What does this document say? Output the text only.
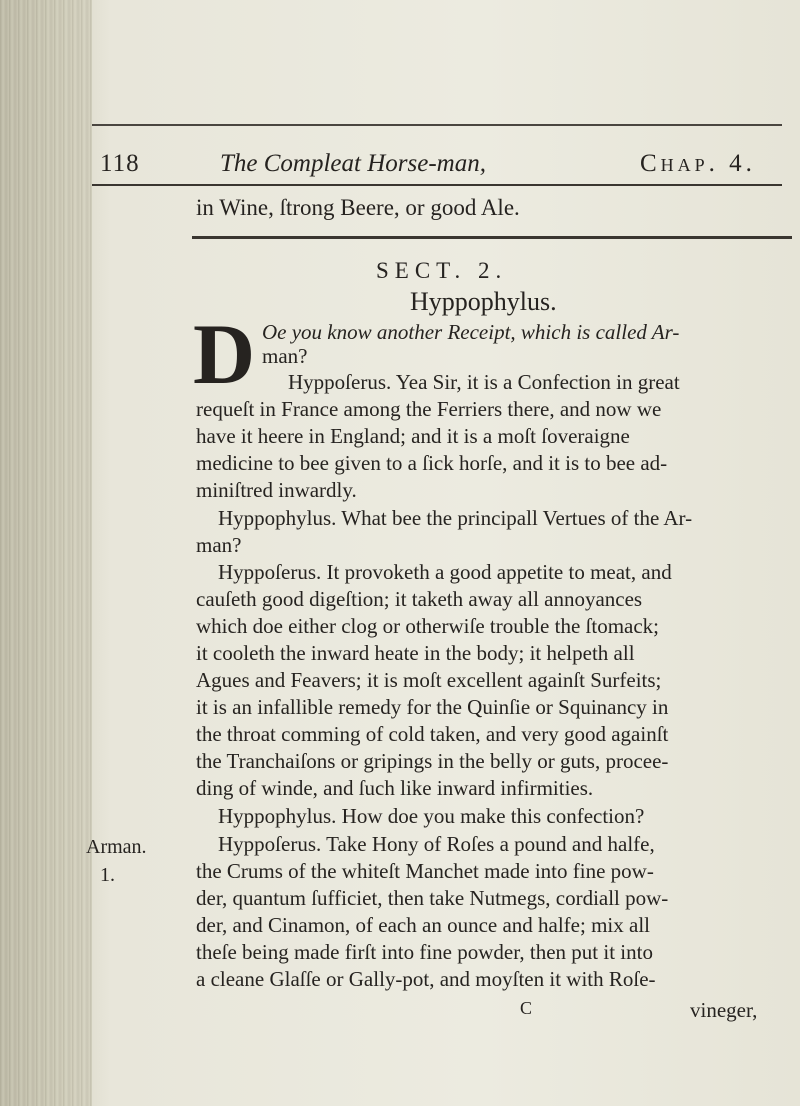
118	The Compleat Horse-man,	Chap. 4.
in Wine, ſtrong Beere, or good Ale.
SECT. 2.
Hyppophylus.
D Oe you know another Receipt, which is called Ar-
man?
Hyppoſerus. Yea Sir, it is a Confection in great
requeſt in France among the Ferriers there, and now we
have it heere in England; and it is a moſt ſoveraigne
medicine to bee given to a ſick horſe, and it is to bee ad-
miniſtred inwardly.
Hyppophylus. What bee the principall Vertues of the Ar-
man?
Hyppoſerus. It provoketh a good appetite to meat, and
cauſeth good digeſtion; it taketh away all annoyances
which doe either clog or otherwiſe trouble the ſtomack;
it cooleth the inward heate in the body; it helpeth all
Agues and Feavers; it is moſt excellent againſt Surfeits;
it is an infallible remedy for the Quinſie or Squinancy in
the throat comming of cold taken, and very good againſt
the Tranchaiſons or gripings in the belly or guts, procee-
ding of winde, and ſuch like inward infirmities.
Hyppophylus. How doe you make this confection?
Hyppoſerus. Take Hony of Roſes a pound and halfe,
the Crums of the whiteſt Manchet made into fine pow-
der, quantum ſufficiet, then take Nutmegs, cordiall pow-
der, and Cinamon, of each an ounce and halfe; mix all
theſe being made firſt into fine powder, then put it into
a cleane Glaſſe or Gally-pot, and moyſten it with Roſe-
vineger,
C
Arman.
1.
